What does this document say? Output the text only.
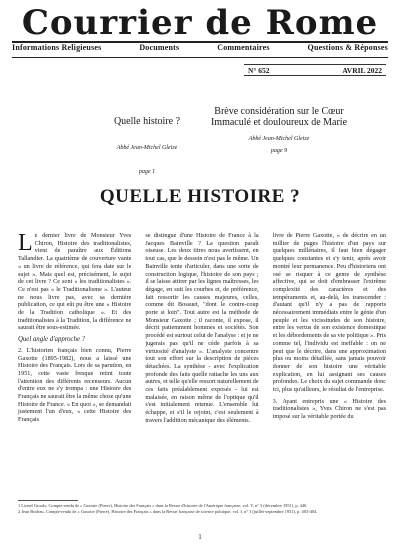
Courrier de Rome
Informations Religieuses	Documents	Commentaires	Questions & Réponses
N° 652	AVRIL 2022
Quelle histoire ?
Abbé Jean-Michel Gleize
page 1
Brève considération sur le Cœur Immaculé et douloureux de Marie
Abbé Jean-Michel Gleize
page 9
QUELLE HISTOIRE ?

Le dernier livre de Monsieur Yves Chiron, Histoire des traditionalistes, vient de paraître aux Éditions Tallandier. La quatrième de couverture vante « un livre de référence, qui fera date sur le sujet ». Mais quel est, précisément, le sujet de cet livre ? Ce sont « les traditionalistes ». Ce n'est pas « le Traditionalisme ». L'auteur ne nous livre pas, avec sa dernière publication, ce qui eût pu être une « Histoire de la Tradition catholique ». Et des traditionalistes à la Tradition, la différence ne saurait être sous-estimée.

Quel angle d'approche ?

2. L'historien français bien connu, Pierre Gaxotte (1895-1982), nous a laissé une Histoire des Français. Lors de sa parution, en 1951, cette vaste fresque retint toute l'attention des différents recenseurs. Aucun d'entre eux ne s'y trompa : une Histoire des Français ne saurait être la même chose qu'une Histoire de France. « En quoi », se demandait justement l'un d'eux, « cette Histoire des Français

se distingue d'une Histoire de France à la Jacques Bainville ? La question paraît oiseuse. Les deux titres nous avertissent, en tout cas, que le dessein n'est pas le même. Un Bainville tente d'articuler, dans une sorte de construction logique, l'histoire de son pays ; il se laisse attirer par les lignes maîtresses, les dégage, en suit les courbes et, de préférence, fait ressortir les causes majeures, celles, comme dit Bossuet, "dont le contre-coup porte si loin". Tout autre est la méthode de Monsieur Gaxotte ; il raconte, il expose, il décrit patiemment hommes et sociétés. Son procédé est surtout celui de l'analyse : et je ne jugerais pas qu'il ne cède parfois à sa virtuosité d'analyste ». L'analyste concentre tout son effort sur la description de pièces détachées. La synthèse - avec l'explication profonde des faits quelle rattache les uns aux autres, et telle qu'elle ressort naturellement de ces faits préalablement exposés - lui est malaisée, en raison même de l'optique qu'il s'est initialement retenue. L'ensemble lui échappe, et s'il le rejoint, c'est seulement à travers l'addition mécanique des éléments.

livre de Pierre Gaxotte, « de décrire en un millier de pages l'histoire d'un pays sur quelques millénaires, il faut bien dégager quelques constantes et s'y tenir, après avoir montré leur permanence. Peu d'historiens ont osé se risquer à ce genre de synthèse affective, qui se doit d'embrasser l'extrême complexité des caractères et des tempéraments et, au-delà, les transcender : d'autant qu'il n'y a pas de rapports nécessairement immédiats entre le génie d'un peuple et les vicissitudes de son histoire, entre les vertus de son existence domestique et les débordements de sa vie politique ». Pris comme tel, l'individu est ineffable : on ne peut que le décrire, dans une approximation plus ou moins détaillée, sans jamais pouvoir donner de son histoire une véritable explication, en lui assignant ses causes profondes. Le choix du sujet commande donc ici, plus qu'ailleurs, le résultat de l'entreprise.

3. Ayant entrepris une « Histoire des traditionalistes », Yves Chiron ne s'est pas imposé sur la véritable portée du

1 Lionel Groulx, Compte-rendu de « Gaxotte (Pierre), Histoire des Français » dans la Revue d'histoire de l'Amérique française, vol. V, n° 3 (décembre 1951), p. 440.

2 Jean Bodeau, Compte-rendu de « Gaxotte (Pierre), Histoire des Français » dans la Revue française de science politique, vol. I, n° 3 (juillet-septembre 1951), p. 403-404.

1
